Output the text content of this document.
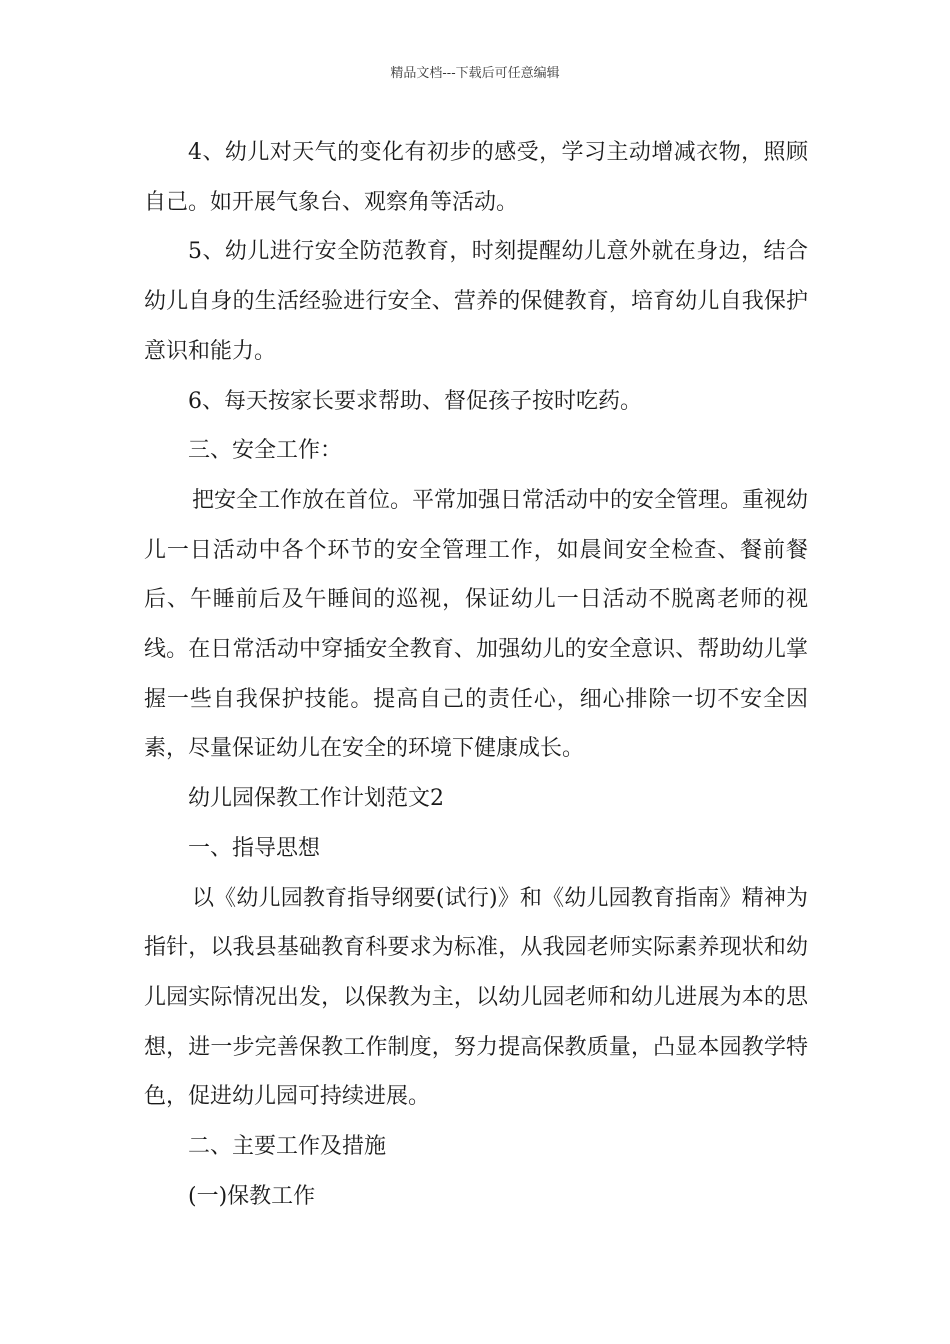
精品文档---下载后可任意编辑

4、幼儿对天气的变化有初步的感受，学习主动增减衣物，照顾自己。如开展气象台、观察角等活动。

5、幼儿进行安全防范教育，时刻提醒幼儿意外就在身边，结合幼儿自身的生活经验进行安全、营养的保健教育，培育幼儿自我保护意识和能力。

6、每天按家长要求帮助、督促孩子按时吃药。

三、安全工作：

把安全工作放在首位。平常加强日常活动中的安全管理。重视幼儿一日活动中各个环节的安全管理工作，如晨间安全检查、餐前餐后、午睡前后及午睡间的巡视，保证幼儿一日活动不脱离老师的视线。在日常活动中穿插安全教育、加强幼儿的安全意识、帮助幼儿掌握一些自我保护技能。提高自己的责任心，细心排除一切不安全因素，尽量保证幼儿在安全的环境下健康成长。

幼儿园保教工作计划范文2

一、指导思想

以《幼儿园教育指导纲要(试行)》和《幼儿园教育指南》精神为指针，以我县基础教育科要求为标准，从我园老师实际素养现状和幼儿园实际情况出发，以保教为主，以幼儿园老师和幼儿进展为本的思想，进一步完善保教工作制度，努力提高保教质量，凸显本园教学特色，促进幼儿园可持续进展。

二、主要工作及措施

(一)保教工作
